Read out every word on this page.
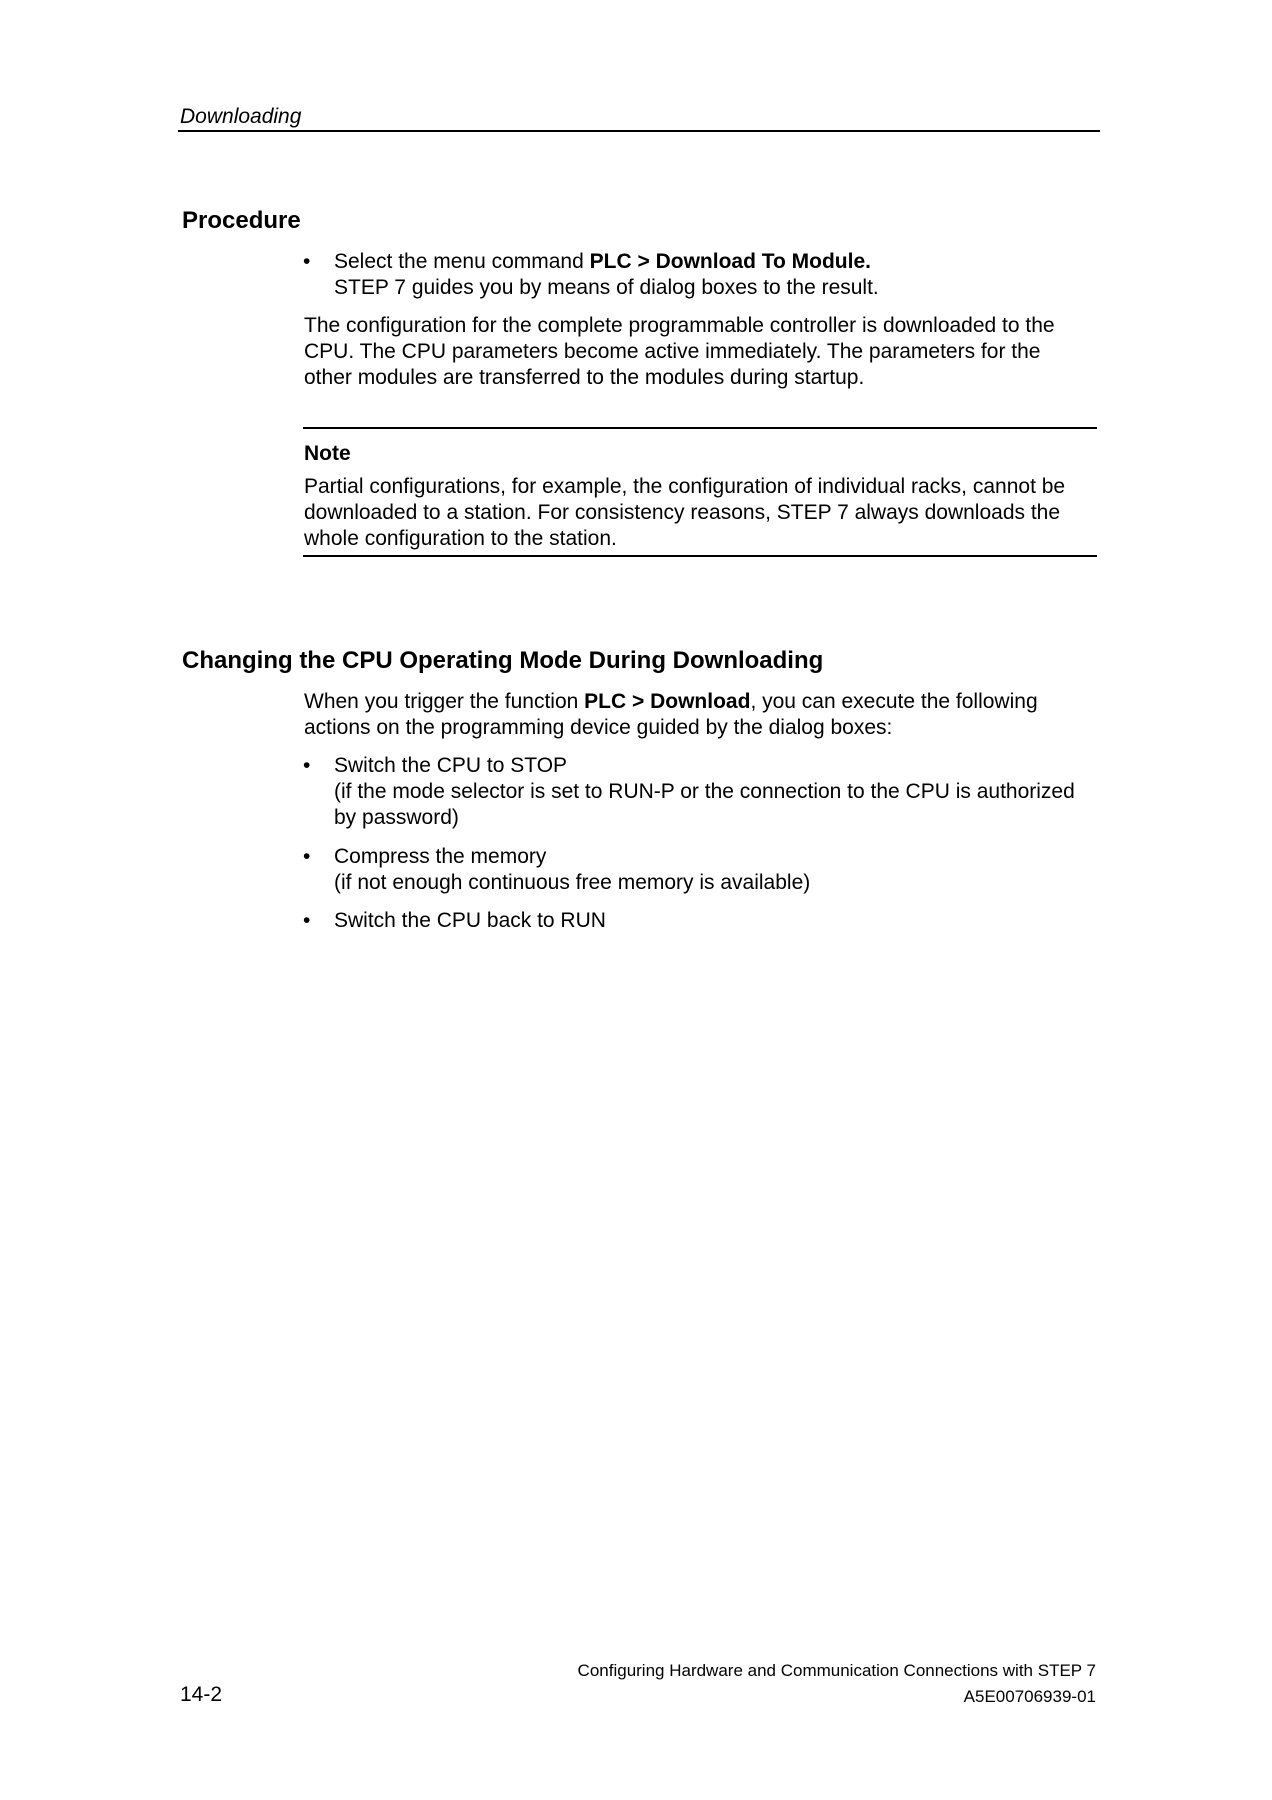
Downloading
Procedure
•	Select the menu command PLC > Download To Module.
STEP 7 guides you by means of dialog boxes to the result.
The configuration for the complete programmable controller is downloaded to the
CPU. The CPU parameters become active immediately. The parameters for the
other modules are transferred to the modules during startup.
Note
Partial configurations, for example, the configuration of individual racks, cannot be
downloaded to a station. For consistency reasons, STEP 7 always downloads the
whole configuration to the station.
Changing the CPU Operating Mode During Downloading
When you trigger the function PLC > Download, you can execute the following
actions on the programming device guided by the dialog boxes:
•	Switch the CPU to STOP
(if the mode selector is set to RUN-P or the connection to the CPU is authorized
by password)
•	Compress the memory
(if not enough continuous free memory is available)
•	Switch the CPU back to RUN
Configuring Hardware and Communication Connections with STEP 7
A5E00706939-01
14-2
